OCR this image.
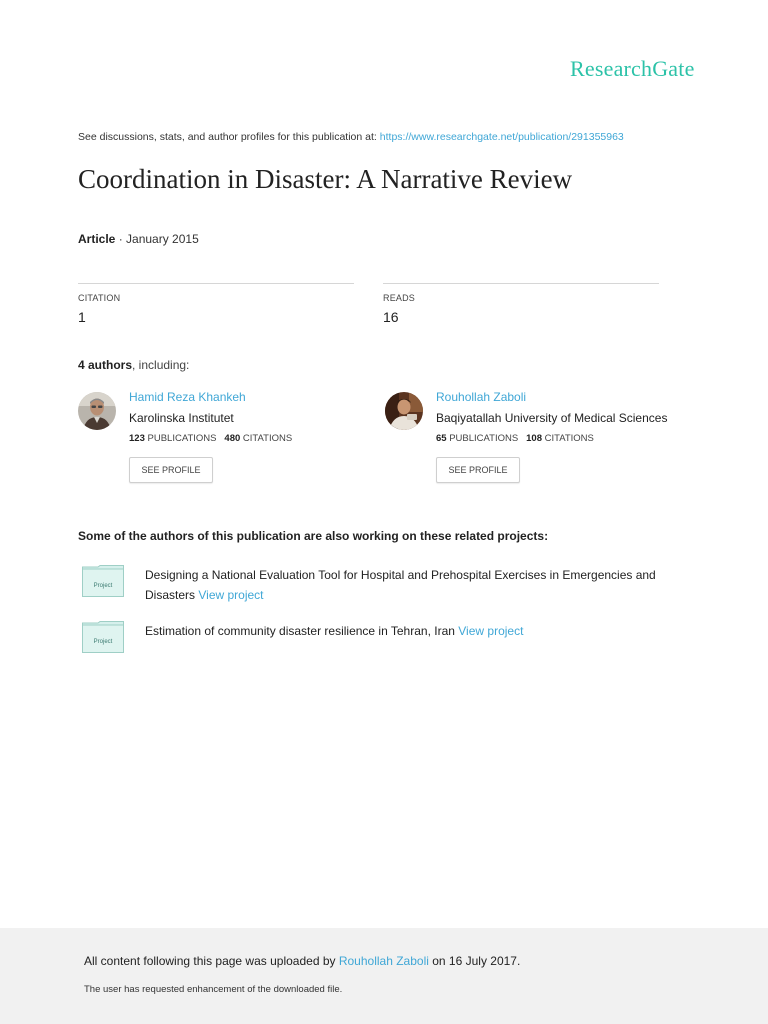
ResearchGate
See discussions, stats, and author profiles for this publication at: https://www.researchgate.net/publication/291355963
Coordination in Disaster: A Narrative Review
Article · January 2015
CITATION
1
READS
16
4 authors, including:
Hamid Reza Khankeh
Karolinska Institutet
123 PUBLICATIONS 480 CITATIONS
SEE PROFILE
Rouhollah Zaboli
Baqiyatallah University of Medical Sciences
65 PUBLICATIONS 108 CITATIONS
SEE PROFILE
Some of the authors of this publication are also working on these related projects:
Project
Designing a National Evaluation Tool for Hospital and Prehospital Exercises in Emergencies and Disasters View project
Project
Estimation of community disaster resilience in Tehran, Iran View project
All content following this page was uploaded by Rouhollah Zaboli on 16 July 2017.
The user has requested enhancement of the downloaded file.
